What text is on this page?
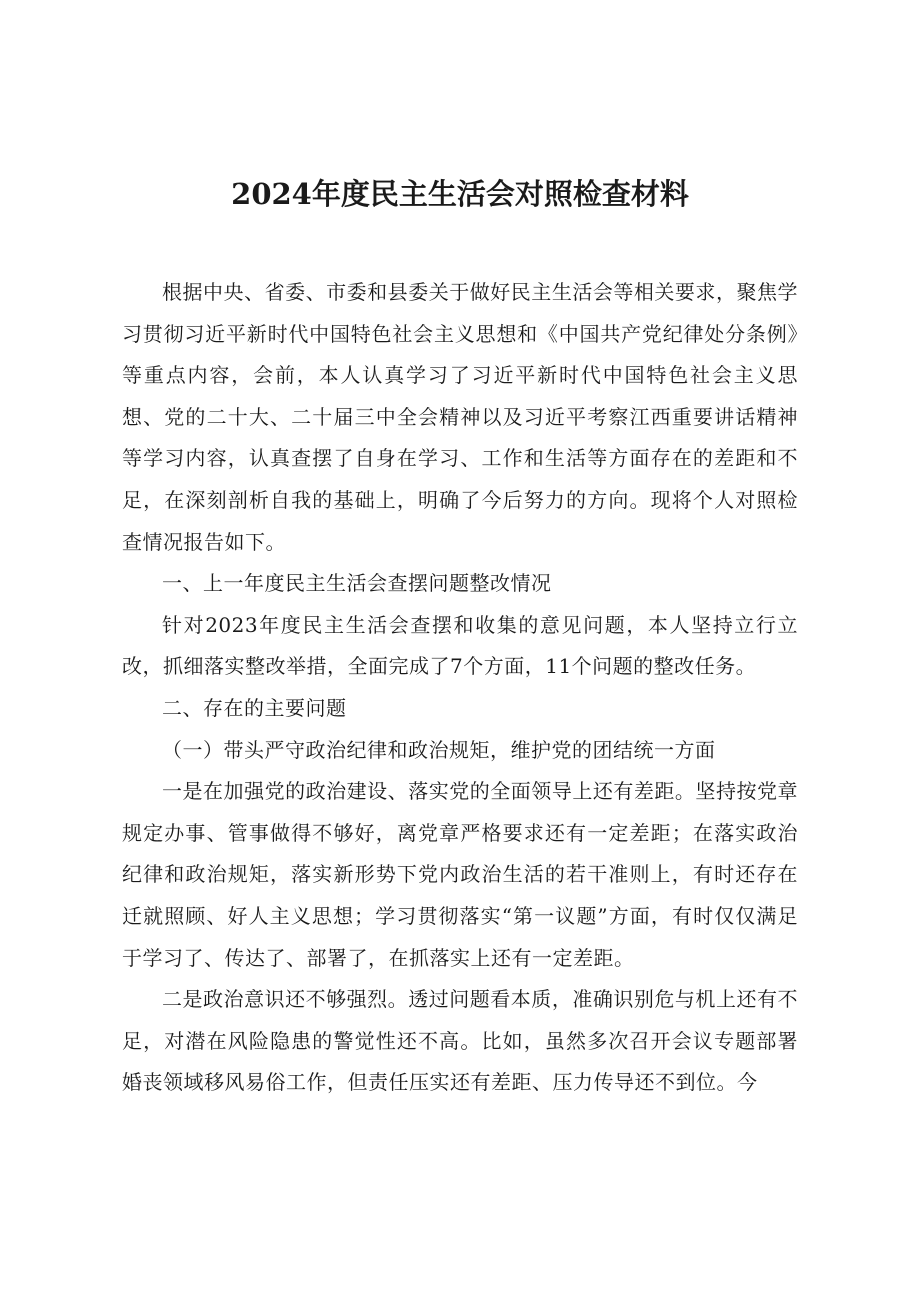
2024年度民主生活会对照检查材料

根据中央、省委、市委和县委关于做好民主生活会等相关要求，聚焦学习贯彻习近平新时代中国特色社会主义思想和《中国共产党纪律处分条例》等重点内容，会前，本人认真学习了习近平新时代中国特色社会主义思想、党的二十大、二十届三中全会精神以及习近平考察江西重要讲话精神等学习内容，认真查摆了自身在学习、工作和生活等方面存在的差距和不足，在深刻剖析自我的基础上，明确了今后努力的方向。现将个人对照检查情况报告如下。

一、上一年度民主生活会查摆问题整改情况

针对2023年度民主生活会查摆和收集的意见问题，本人坚持立行立改，抓细落实整改举措，全面完成了7个方面，11个问题的整改任务。

二、存在的主要问题

（一）带头严守政治纪律和政治规矩，维护党的团结统一方面

一是在加强党的政治建设、落实党的全面领导上还有差距。坚持按党章规定办事、管事做得不够好，离党章严格要求还有一定差距；在落实政治纪律和政治规矩，落实新形势下党内政治生活的若干准则上，有时还存在迁就照顾、好人主义思想；学习贯彻落实“第一议题”方面，有时仅仅满足于学习了、传达了、部署了，在抓落实上还有一定差距。

二是政治意识还不够强烈。透过问题看本质，准确识别危与机上还有不足，对潜在风险隐患的警觉性还不高。比如，虽然多次召开会议专题部署婚丧领域移风易俗工作，但责任压实还有差距、压力传导还不到位。今
